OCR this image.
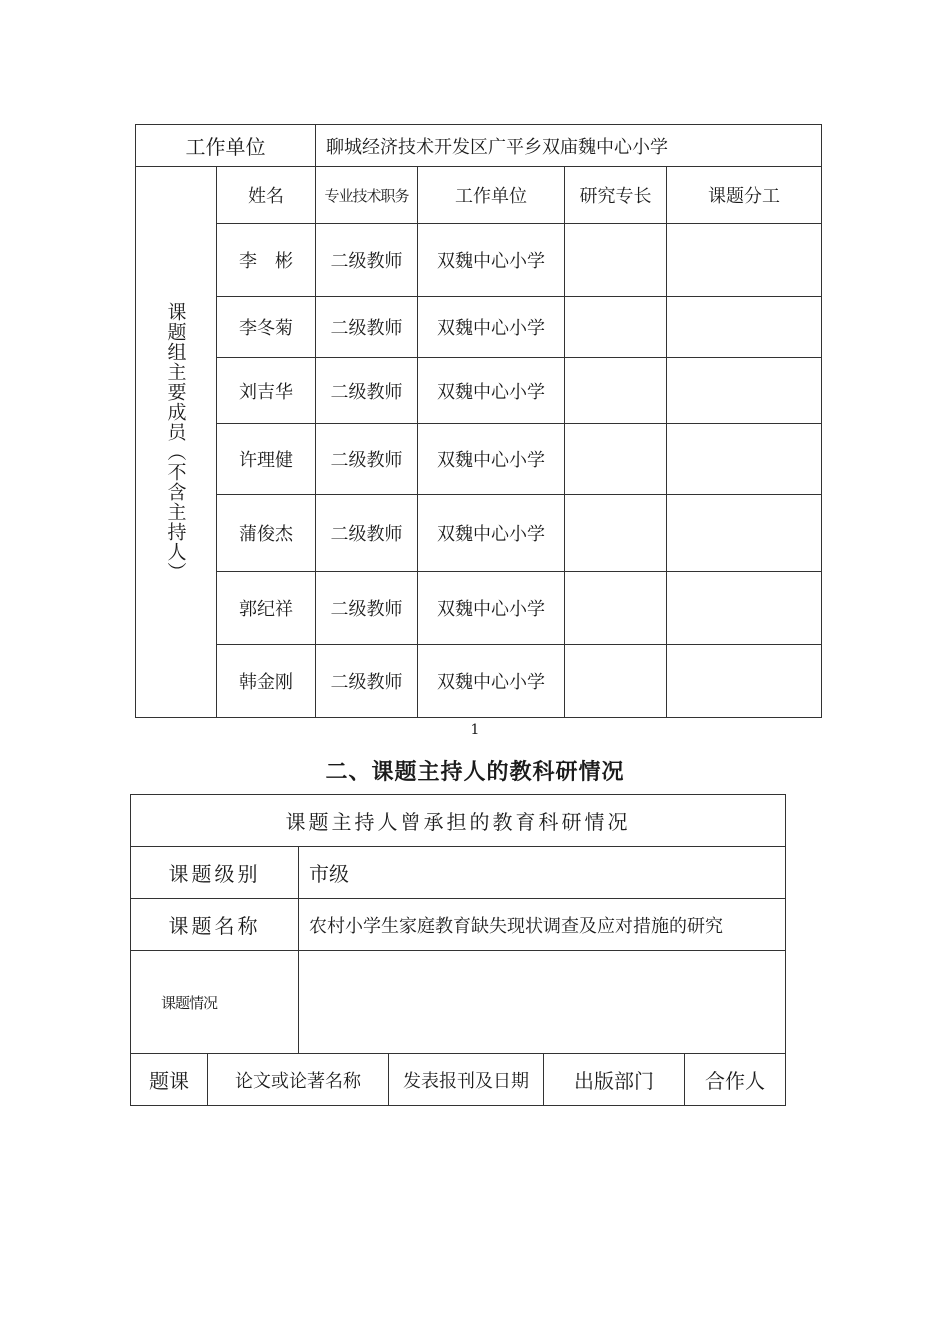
工作单位		聊城经济技术开发区广平乡双庙魏中心小学			

课题组主要成员（不含主持人）	姓名	专业技术职务	工作单位	研究专长	课题分工
	李　彬	二级教师	双魏中心小学		
	李冬菊	二级教师	双魏中心小学		
	刘吉华	二级教师	双魏中心小学		
	许理健	二级教师	双魏中心小学		
	蒲俊杰	二级教师	双魏中心小学		
	郭纪祥	二级教师	双魏中心小学		
	韩金刚	二级教师	双魏中心小学		
1
二、课题主持人的教科研情况
课题主持人曾承担的教育科研情况					
课题级别		市级			
课题名称		农村小学生家庭教育缺失现状调查及应对措施的研究			
课题情况					
题课	论文或论著名称		发表报刊及日期	出版部门	合作人
